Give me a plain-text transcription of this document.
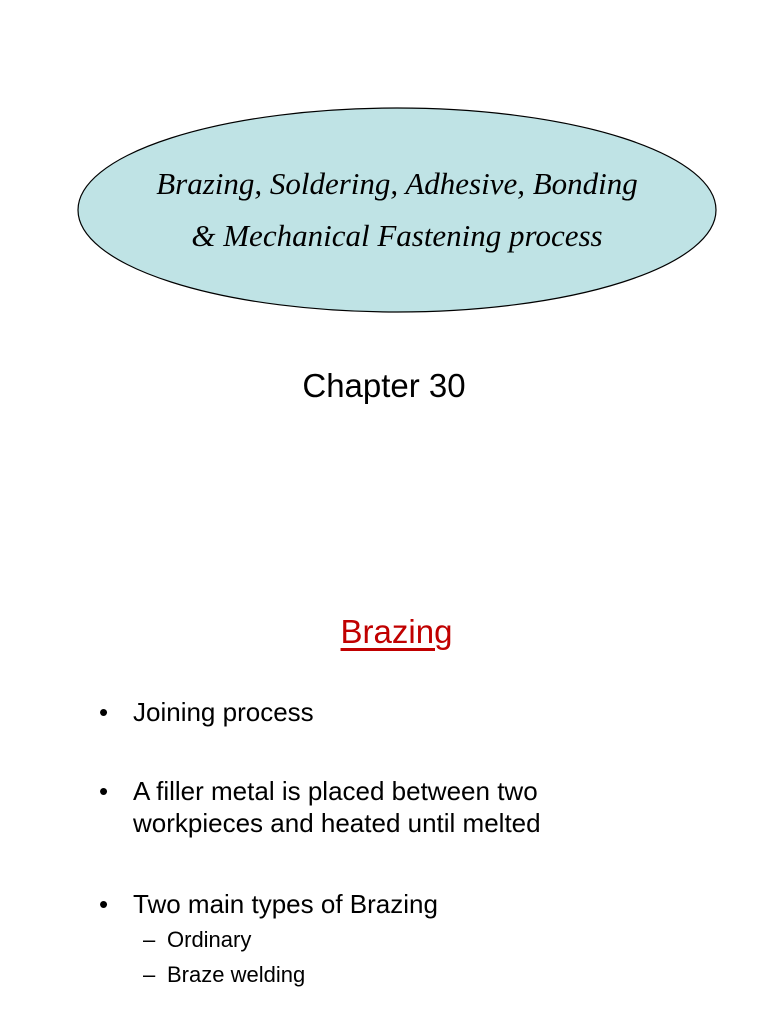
Brazing, Soldering, Adhesive, Bonding
& Mechanical Fastening process
Chapter 30
Brazing
• Joining process
• A filler metal is placed between two workpieces and heated until melted
• Two main types of Brazing
– Ordinary
– Braze welding
